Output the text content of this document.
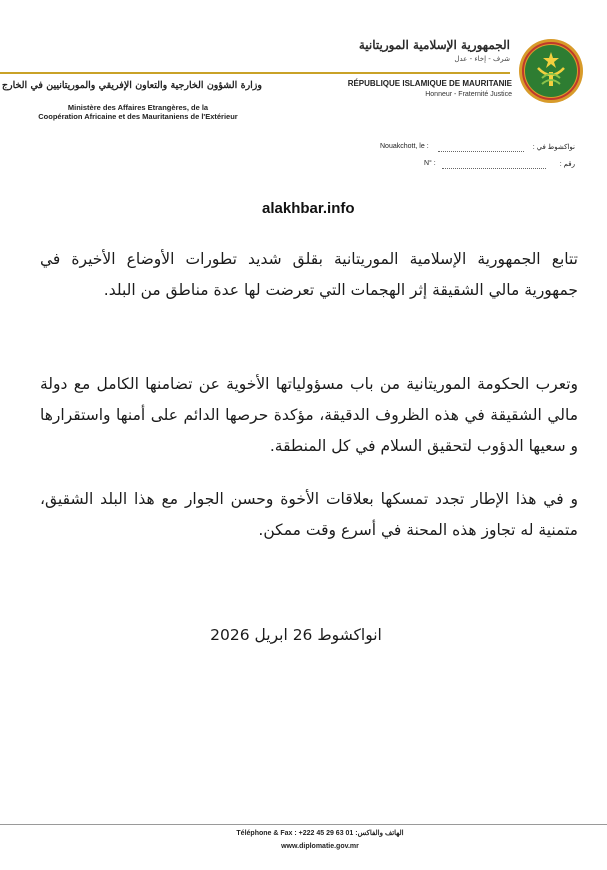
الجمهورية الإسلامية الموريتانية
شرف - إخاء - عدل
RÉPUBLIQUE ISLAMIQUE DE MAURITANIE
Honneur - Fraternité Justice
وزارة الشؤون الخارجية والتعاون الإفريقي والموريتانيين في الخارج
Ministère des Affaires Etrangères, de la
Coopération Africaine et des Mauritaniens de l'Extérieur
Nouakchott, le :	نواكشوط في :
N° :	رقم :
alakhbar.info

تتابع الجمهورية الإسلامية الموريتانية بقلق شديد تطورات الأوضاع الأخيرة في جمهورية مالي الشقيقة إثر الهجمات التي تعرضت لها عدة مناطق من البلد.

وتعرب الحكومة الموريتانية من باب مسؤولياتها الأخوية عن تضامنها الكامل مع دولة مالي الشقيقة في هذه الظروف الدقيقة، مؤكدة حرصها الدائم على أمنها واستقرارها و سعيها الدؤوب لتحقيق السلام في كل المنطقة.

و في هذا الإطار تجدد تمسكها بعلاقات الأخوة وحسن الجوار مع هذا البلد الشقيق، متمنية له تجاوز هذه المحنة في أسرع وقت ممكن.

انواكشوط 26 ابريل 2026
Téléphone & Fax : +222 45 29 63 01 :الهاتف والفاكس
www.diplomatie.gov.mr
